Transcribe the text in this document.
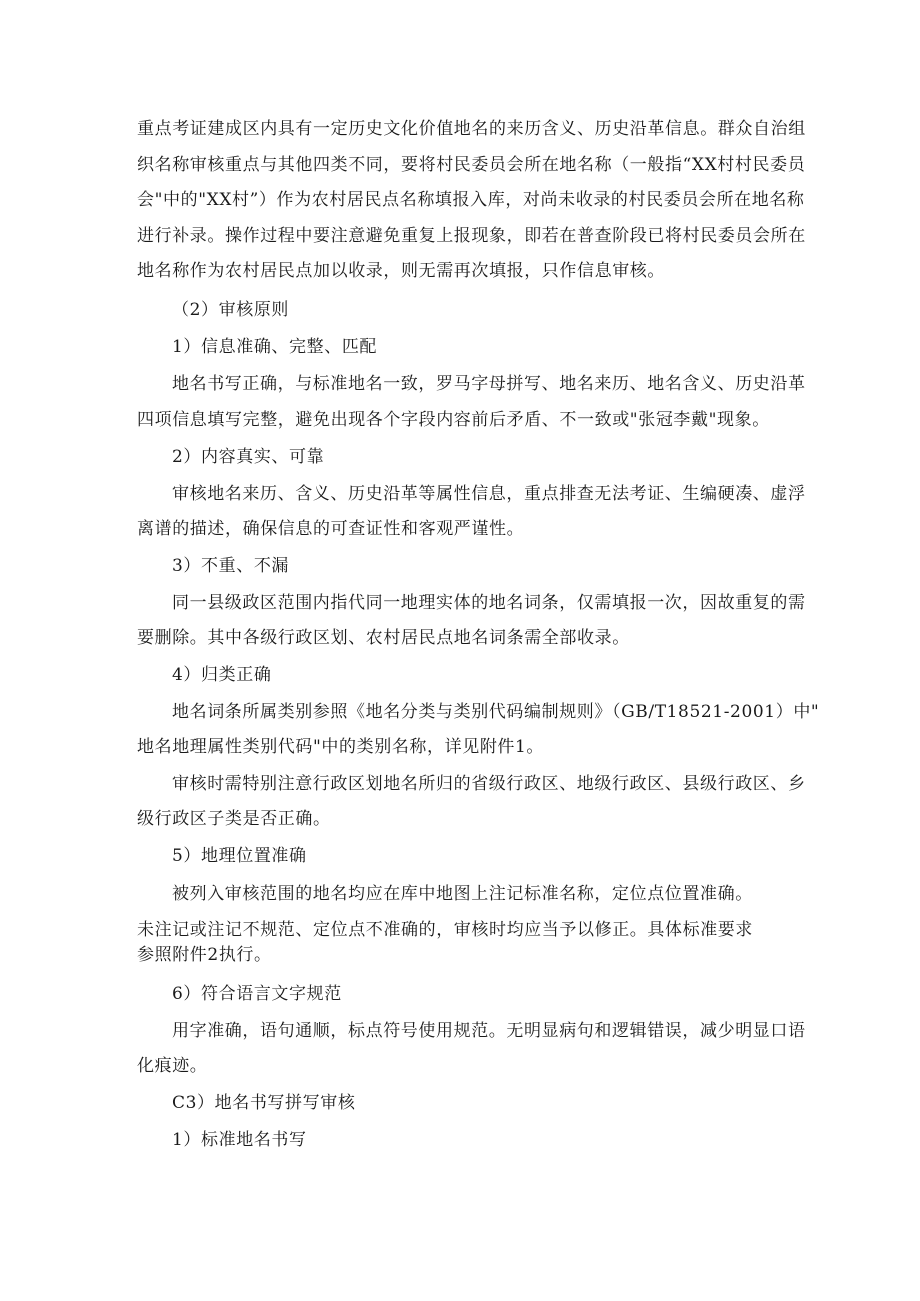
重点考证建成区内具有一定历史文化价值地名的来历含义、历史沿革信息。群众自治组
织名称审核重点与其他四类不同，要将村民委员会所在地名称（一般指“XX村村民委员
会"中的"XX村”）作为农村居民点名称填报入库，对尚未收录的村民委员会所在地名称
进行补录。操作过程中要注意避免重复上报现象，即若在普查阶段已将村民委员会所在
地名称作为农村居民点加以收录，则无需再次填报，只作信息审核。
（2）审核原则
1）信息准确、完整、匹配
地名书写正确，与标准地名一致，罗马字母拼写、地名来历、地名含义、历史沿革
四项信息填写完整，避免出现各个字段内容前后矛盾、不一致或"张冠李戴"现象。
2）内容真实、可靠
审核地名来历、含义、历史沿革等属性信息，重点排查无法考证、生编硬凑、虚浮
离谱的描述，确保信息的可查证性和客观严谨性。
3）不重、不漏
同一县级政区范围内指代同一地理实体的地名词条，仅需填报一次，因故重复的需
要删除。其中各级行政区划、农村居民点地名词条需全部收录。
4）归类正确
地名词条所属类别参照《地名分类与类别代码编制规则》（GB/T18521-2001）中"
地名地理属性类别代码"中的类别名称，详见附件1。
审核时需特别注意行政区划地名所归的省级行政区、地级行政区、县级行政区、乡
级行政区子类是否正确。
5）地理位置准确
被列入审核范围的地名均应在库中地图上注记标准名称，定位点位置准确。
未注记或注记不规范、定位点不准确的，审核时均应当予以修正。具体标准要求
参照附件2执行。
6）符合语言文字规范
用字准确，语句通顺，标点符号使用规范。无明显病句和逻辑错误，减少明显口语
化痕迹。
C3）地名书写拼写审核
1）标准地名书写
